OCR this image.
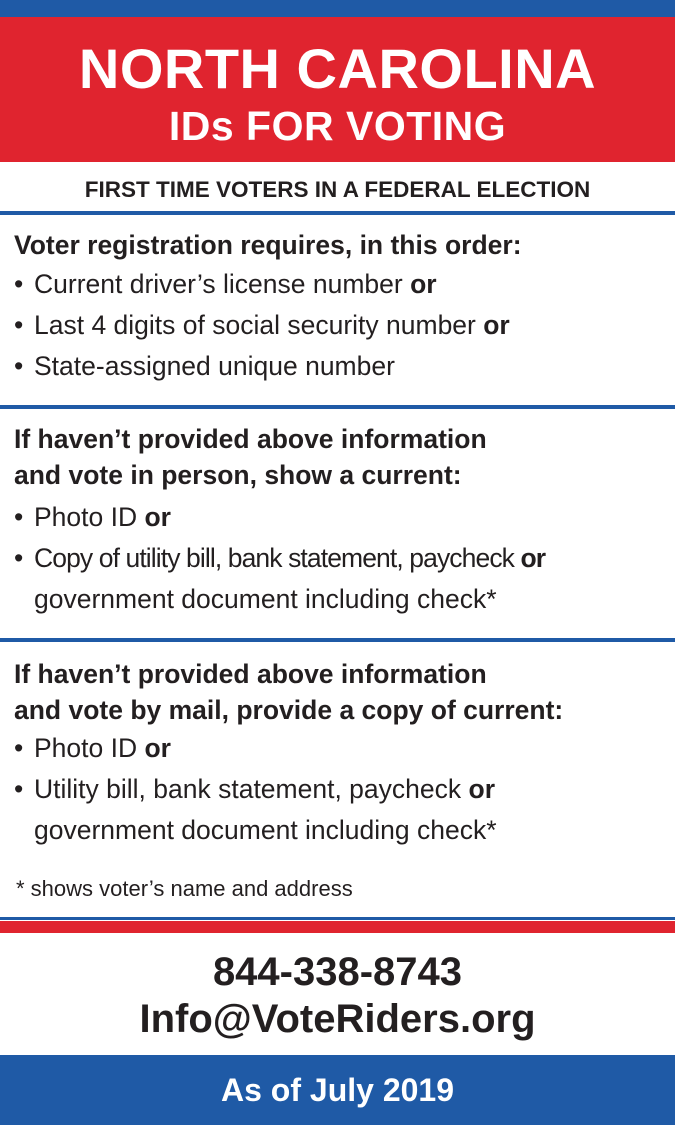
NORTH CAROLINA
IDs FOR VOTING
FIRST TIME VOTERS IN A FEDERAL ELECTION
Voter registration requires, in this order:
• Current driver’s license number or
• Last 4 digits of social security number or
• State-assigned unique number
If haven’t provided above information
and vote in person, show a current:
• Photo ID or
• Copy of utility bill, bank statement, paycheck or
government document including check*
If haven’t provided above information
and vote by mail, provide a copy of current:
• Photo ID or
• Utility bill, bank statement, paycheck or
government document including check*
* shows voter’s name and address
844-338-8743
Info@VoteRiders.org
As of July 2019
